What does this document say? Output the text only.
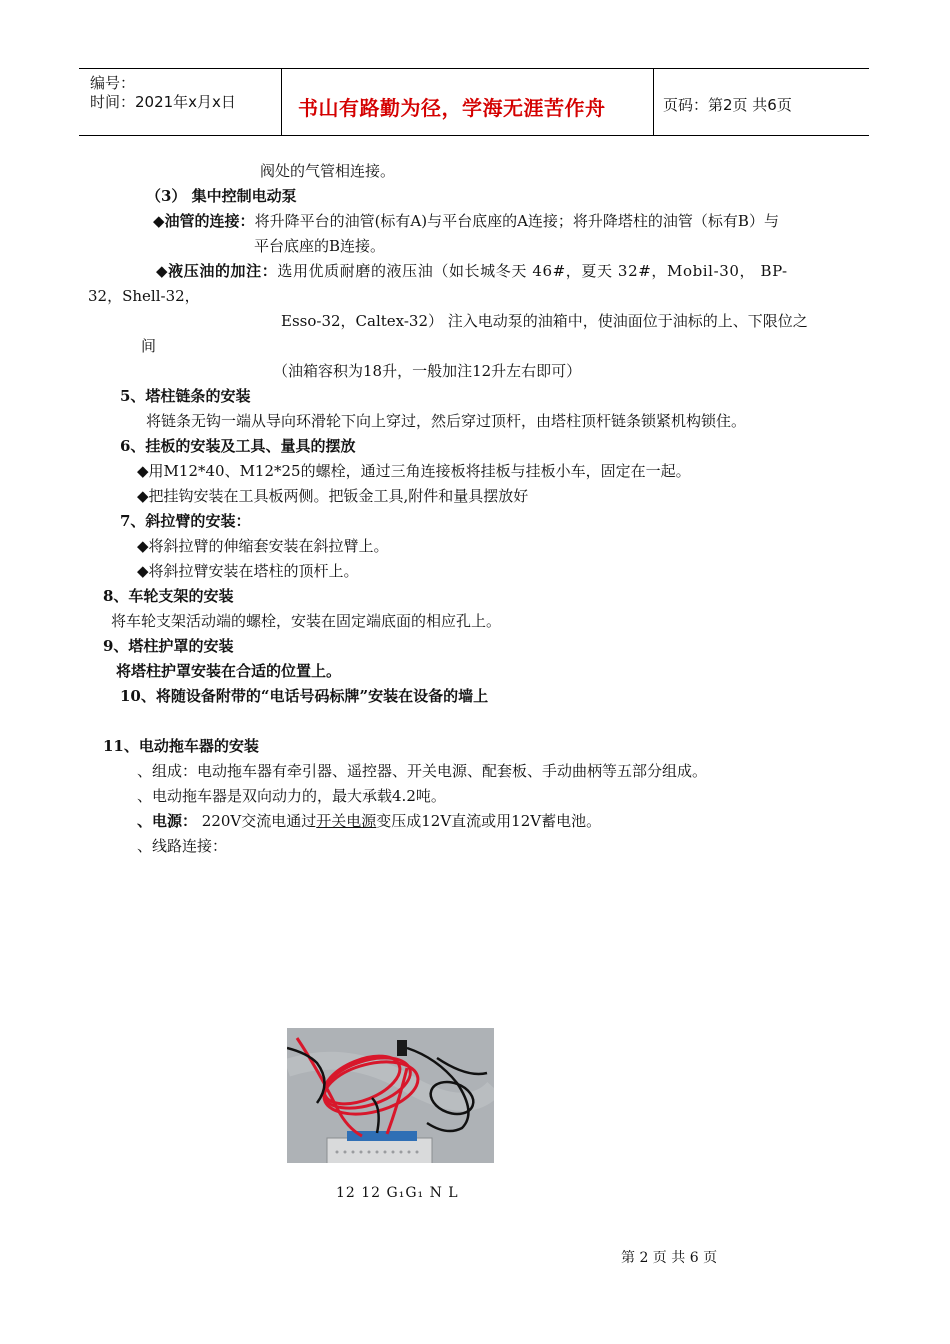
编号：
时间：2021年x月x日	书山有路勤为径，学海无涯苦作舟	页码：第2页 共6页
阀处的气管相连接。
（3） 集中控制电动泵
◆油管的连接：将升降平台的油管(标有A)与平台底座的A连接；将升降塔柱的油管（标有B）与
平台底座的B连接。
◆液压油的加注：选用优质耐磨的液压油（如长城冬天 46#，夏天 32#，Mobil-30， BP-
32，Shell-32，
Esso-32，Caltex-32） 注入电动泵的油箱中，使油面位于油标的上、下限位之
间
（油箱容积为18升，一般加注12升左右即可）
5、塔柱链条的安装
将链条无钩一端从导向环滑轮下向上穿过，然后穿过顶杆，由塔柱顶杆链条锁紧机构锁住。
6、挂板的安装及工具、量具的摆放
◆用M12*40、M12*25的螺栓，通过三角连接板将挂板与挂板小车，固定在一起。
◆把挂钩安装在工具板两侧。把钣金工具,附件和量具摆放好
7、斜拉臂的安装：
◆将斜拉臂的伸缩套安装在斜拉臂上。
◆将斜拉臂安装在塔柱的顶杆上。
8、车轮支架的安装
将车轮支架活动端的螺栓，安装在固定端底面的相应孔上。
9、塔柱护罩的安装
将塔柱护罩安装在合适的位置上。
10、将随设备附带的“电话号码标牌”安装在设备的墙上
11、电动拖车器的安装
、组成：电动拖车器有牵引器、遥控器、开关电源、配套板、手动曲柄等五部分组成。
、电动拖车器是双向动力的，最大承载4.2吨。
、电源： 220V交流电通过开关电源变压成12V直流或用12V蓄电池。
、线路连接：
12 12 G₁G₁ N L
第 2 页 共 6 页
